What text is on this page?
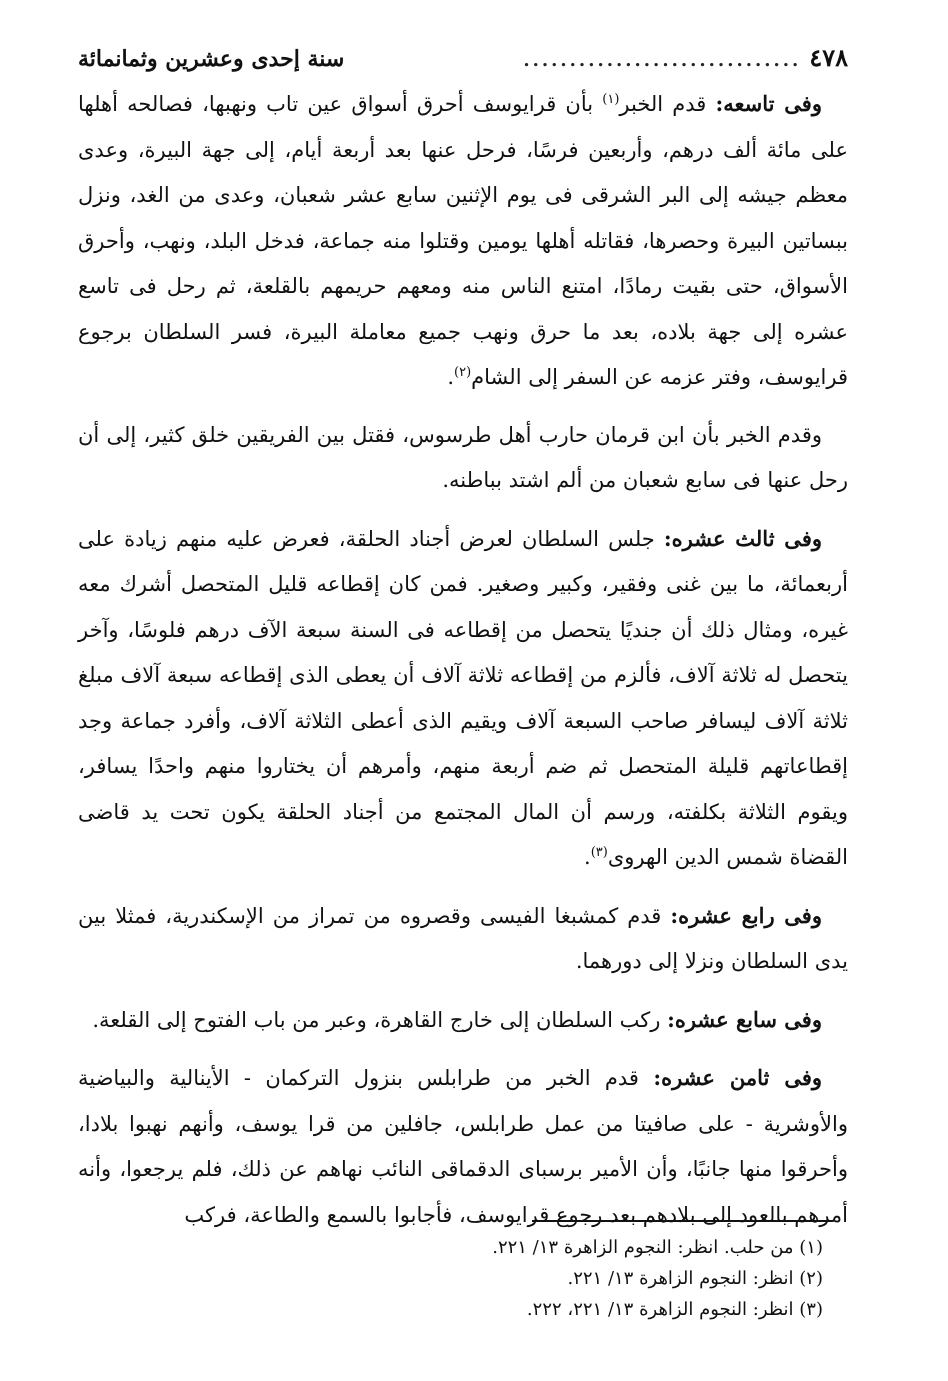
٤٧٨
..............................
سنة إحدى وعشرين وثمانمائة

وفى تاسعه: قدم الخبر$^{(١)}$ بأن قرايوسف أحرق أسواق عين تاب ونهبها، فصالحه أهلها على مائة ألف درهم، وأربعين فرسًا، فرحل عنها بعد أربعة أيام، إلى جهة البيرة، وعدى معظم جيشه إلى البر الشرقى فى يوم الإثنين سابع عشر شعبان، وعدى من الغد، ونزل ببساتين البيرة وحصرها، فقاتله أهلها يومين وقتلوا منه جماعة، فدخل البلد، ونهب، وأحرق الأسواق، حتى بقيت رمادًا، امتنع الناس منه ومعهم حريمهم بالقلعة، ثم رحل فى تاسع عشره إلى جهة بلاده، بعد ما حرق ونهب جميع معاملة البيرة، فسر السلطان برجوع قرايوسف، وفتر عزمه عن السفر إلى الشام$^{(٢)}$.

وقدم الخبر بأن ابن قرمان حارب أهل طرسوس، فقتل بين الفريقين خلق كثير، إلى أن رحل عنها فى سابع شعبان من ألم اشتد بباطنه.

وفى ثالث عشره: جلس السلطان لعرض أجناد الحلقة، فعرض عليه منهم زيادة على أربعمائة، ما بين غنى وفقير، وكبير وصغير. فمن كان إقطاعه قليل المتحصل أشرك معه غيره، ومثال ذلك أن جنديًا يتحصل من إقطاعه فى السنة سبعة الآف درهم فلوسًا، وآخر يتحصل له ثلاثة آلاف، فألزم من إقطاعه ثلاثة آلاف أن يعطى الذى إقطاعه سبعة آلاف مبلغ ثلاثة آلاف ليسافر صاحب السبعة آلاف ويقيم الذى أعطى الثلاثة آلاف، وأفرد جماعة وجد إقطاعاتهم قليلة المتحصل ثم ضم أربعة منهم، وأمرهم أن يختاروا منهم واحدًا يسافر، ويقوم الثلاثة بكلفته، ورسم أن المال المجتمع من أجناد الحلقة يكون تحت يد قاضى القضاة شمس الدين الهروى$^{(٣)}$.

وفى رابع عشره: قدم كمشبغا الفيسى وقصروه من تمراز من الإسكندرية، فمثلا بين يدى السلطان ونزلا إلى دورهما.

وفى سابع عشره: ركب السلطان إلى خارج القاهرة، وعبر من باب الفتوح إلى القلعة.

وفى ثامن عشره: قدم الخبر من طرابلس بنزول التركمان - الأينالية والبياضية والأوشرية - على صافيتا من عمل طرابلس، جافلين من قرا يوسف، وأنهم نهبوا بلادا، وأحرقوا منها جانبًا، وأن الأمير برسباى الدقماقى النائب نهاهم عن ذلك، فلم يرجعوا، وأنه أمرهم بالعود إلى بلادهم بعد رجوع قرايوسف، فأجابوا بالسمع والطاعة، فركب

(١) من حلب. انظر: النجوم الزاهرة ١٣/ ٢٢١.

(٢) انظر: النجوم الزاهرة ١٣/ ٢٢١.

(٣) انظر: النجوم الزاهرة ١٣/ ٢٢١، ٢٢٢.
